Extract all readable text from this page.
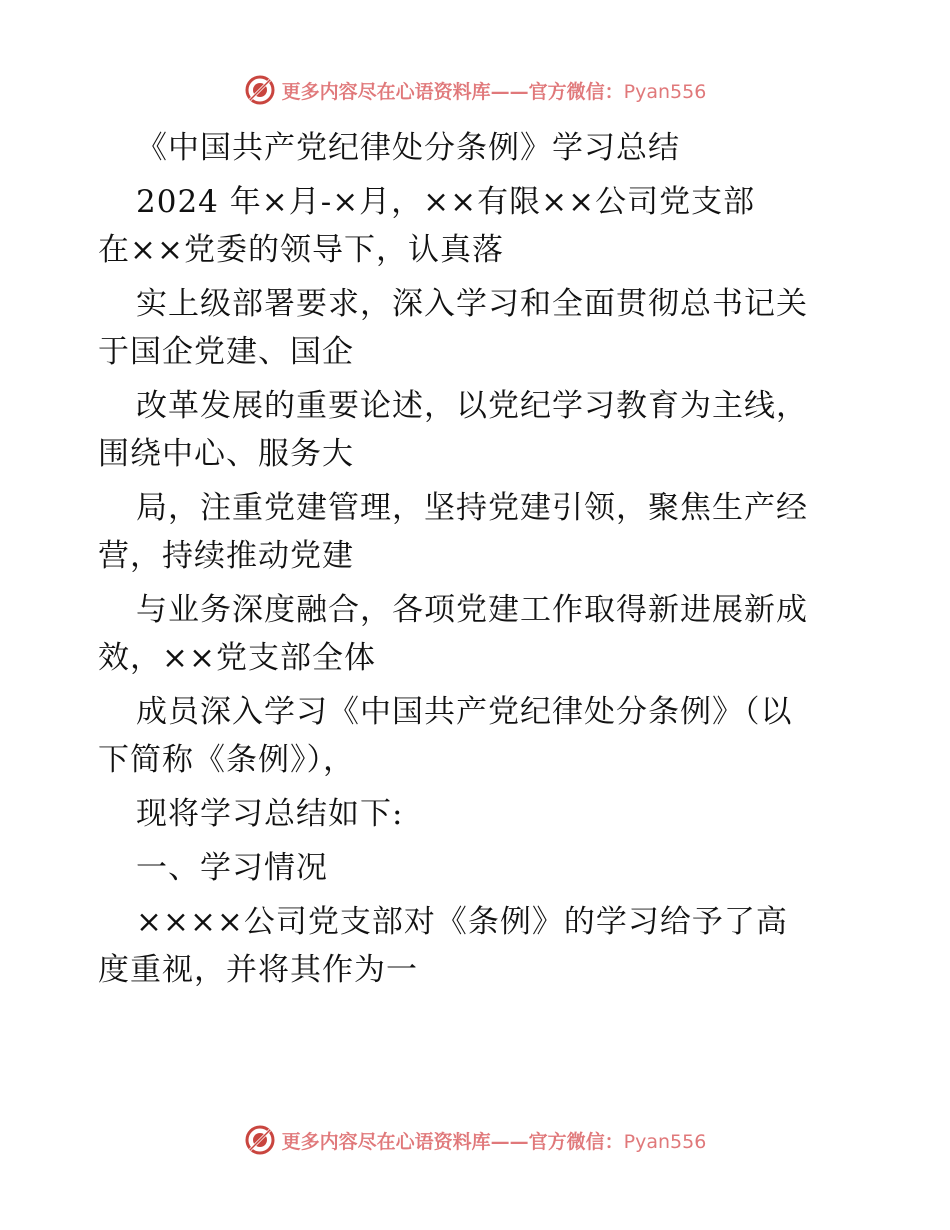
更多内容尽在心语资料库——官方微信：Pyan556
《中国共产党纪律处分条例》学习总结
2024 年×月-×月，××有限××公司党支部
在××党委的领导下，认真落
实上级部署要求，深入学习和全面贯彻总书记关
于国企党建、国企
改革发展的重要论述，以党纪学习教育为主线，
围绕中心、服务大
局，注重党建管理，坚持党建引领，聚焦生产经
营，持续推动党建
与业务深度融合，各项党建工作取得新进展新成
效，××党支部全体
成员深入学习《中国共产党纪律处分条例》（以
下简称《条例》），
现将学习总结如下:
一、学习情况
××××公司党支部对《条例》的学习给予了高
度重视，并将其作为一
更多内容尽在心语资料库——官方微信：Pyan556
